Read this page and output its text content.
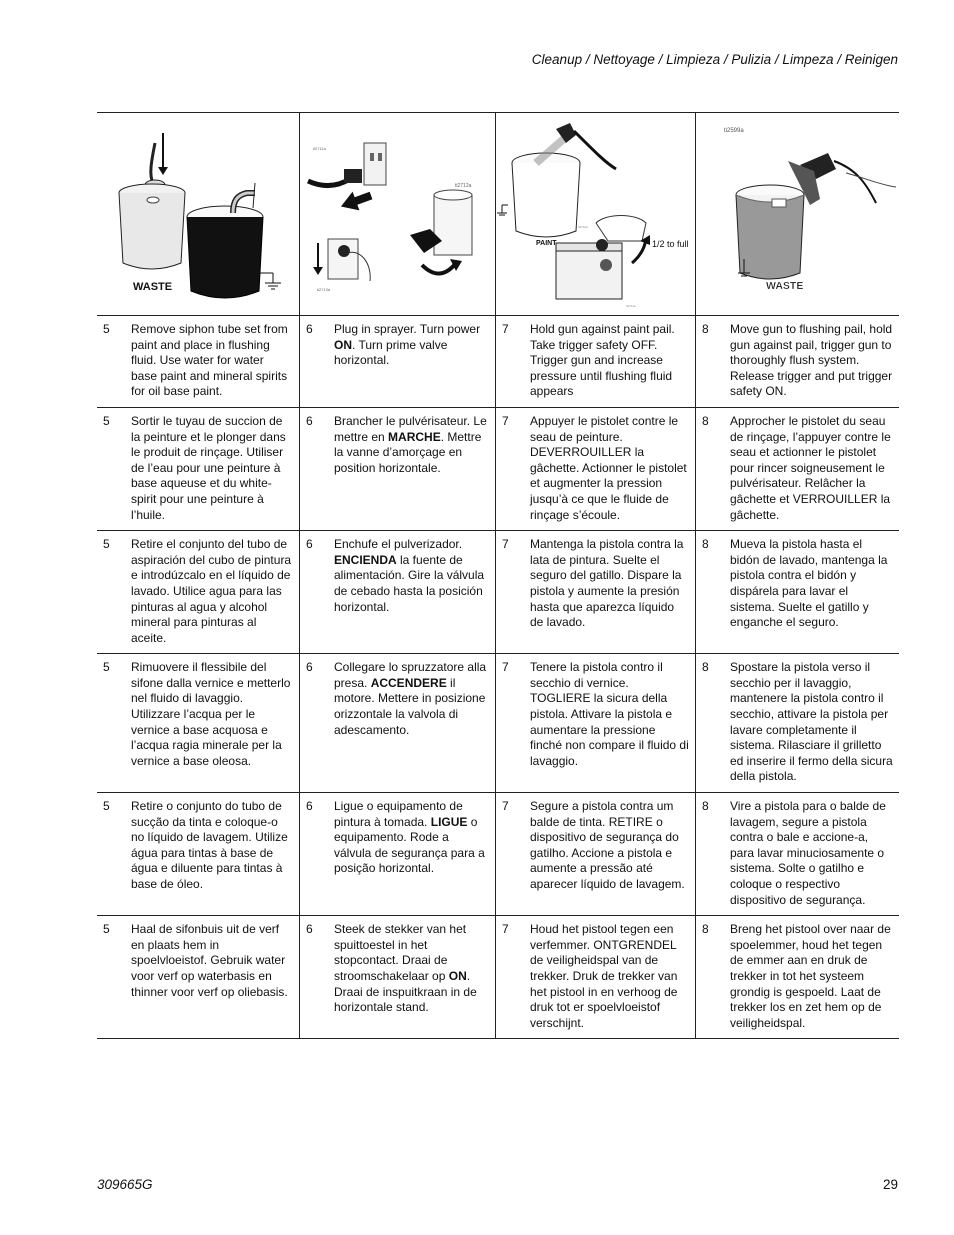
Cleanup / Nettoyage / Limpieza / Pulizia / Limpeza / Reinigen
WASTE
ti2711a
ti2712a
ti2713a
ti2711a
PAINT	1/2 to full
ti2710a
ti2711a
ti2599a
WASTE
5	Remove siphon tube set from paint and place in flushing fluid. Use water for water base paint and mineral spirits for oil base paint.
6	Plug in sprayer. Turn power ON. Turn prime valve horizontal.
7	Hold gun against paint pail. Take trigger safety OFF. Trigger gun and increase pressure until flushing fluid appears
8	Move gun to flushing pail, hold gun against pail, trigger gun to thoroughly flush system. Release trigger and put trigger safety ON.
5	Sortir le tuyau de succion de la peinture et le plonger dans le produit de rinçage. Utiliser de l’eau pour une peinture à base aqueuse et du white-spirit pour une peinture à l’huile.
6	Brancher le pulvérisateur. Le mettre en MARCHE. Mettre la vanne d’amorçage en position horizontale.
7	Appuyer le pistolet contre le seau de peinture. DEVERROUILLER la gâchette. Actionner le pistolet et augmenter la pression jusqu’à ce que le fluide de rinçage s’écoule.
8	Approcher le pistolet du seau de rinçage, l’appuyer contre le seau et actionner le pistolet pour rincer soigneusement le pulvérisateur. Relâcher la gâchette et VERROUILLER la gâchette.
5	Retire el conjunto del tubo de aspiración del cubo de pintura e introdúzcalo en el líquido de lavado. Utilice agua para las pinturas al agua y alcohol mineral para pinturas al aceite.
6	Enchufe el pulverizador. ENCIENDA la fuente de alimentación. Gire la válvula de cebado hasta la posición horizontal.
7	Mantenga la pistola contra la lata de pintura. Suelte el seguro del gatillo. Dispare la pistola y aumente la presión hasta que aparezca líquido de lavado.
8	Mueva la pistola hasta el bidón de lavado, mantenga la pistola contra el bidón y dispárela para lavar el sistema. Suelte el gatillo y enganche el seguro.
5	Rimuovere il flessibile del sifone dalla vernice e metterlo nel fluido di lavaggio. Utilizzare l’acqua per le vernice a base acquosa e l’acqua ragia minerale per la vernice a base oleosa.
6	Collegare lo spruzzatore alla presa. ACCENDERE il motore. Mettere in posizione orizzontale la valvola di adescamento.
7	Tenere la pistola contro il secchio di vernice. TOGLIERE la sicura della pistola. Attivare la pistola e aumentare la pressione finché non compare il fluido di lavaggio.
8	Spostare la pistola verso il secchio per il lavaggio, mantenere la pistola contro il secchio, attivare la pistola per lavare completamente il sistema. Rilasciare il grilletto ed inserire il fermo della sicura della pistola.
5	Retire o conjunto do tubo de sucção da tinta e coloque-o no líquido de lavagem. Utilize água para tintas à base de água e diluente para tintas à base de óleo.
6	Ligue o equipamento de pintura à tomada. LIGUE o equipamento. Rode a válvula de segurança para a posição horizontal.
7	Segure a pistola contra um balde de tinta. RETIRE o dispositivo de segurança do gatilho. Accione a pistola e aumente a pressão até aparecer líquido de lavagem.
8	Vire a pistola para o balde de lavagem, segure a pistola contra o bale e accione-a, para lavar minuciosamente o sistema. Solte o gatilho e coloque o respectivo dispositivo de segurança.
5	Haal de sifonbuis uit de verf en plaats hem in spoelvloeistof. Gebruik water voor verf op waterbasis en thinner voor verf op oliebasis.
6	Steek de stekker van het spuittoestel in het stopcontact. Draai de stroomschakelaar op ON. Draai de inspuitkraan in de horizontale stand.
7	Houd het pistool tegen een verfemmer. ONTGRENDEL de veiligheidspal van de trekker. Druk de trekker van het pistool in en verhoog de druk tot er spoelvloeistof verschijnt.
8	Breng het pistool over naar de spoelemmer, houd het tegen de emmer aan en druk de trekker in tot het systeem grondig is gespoeld. Laat de trekker los en zet hem op de veiligheidspal.
309665G	29
